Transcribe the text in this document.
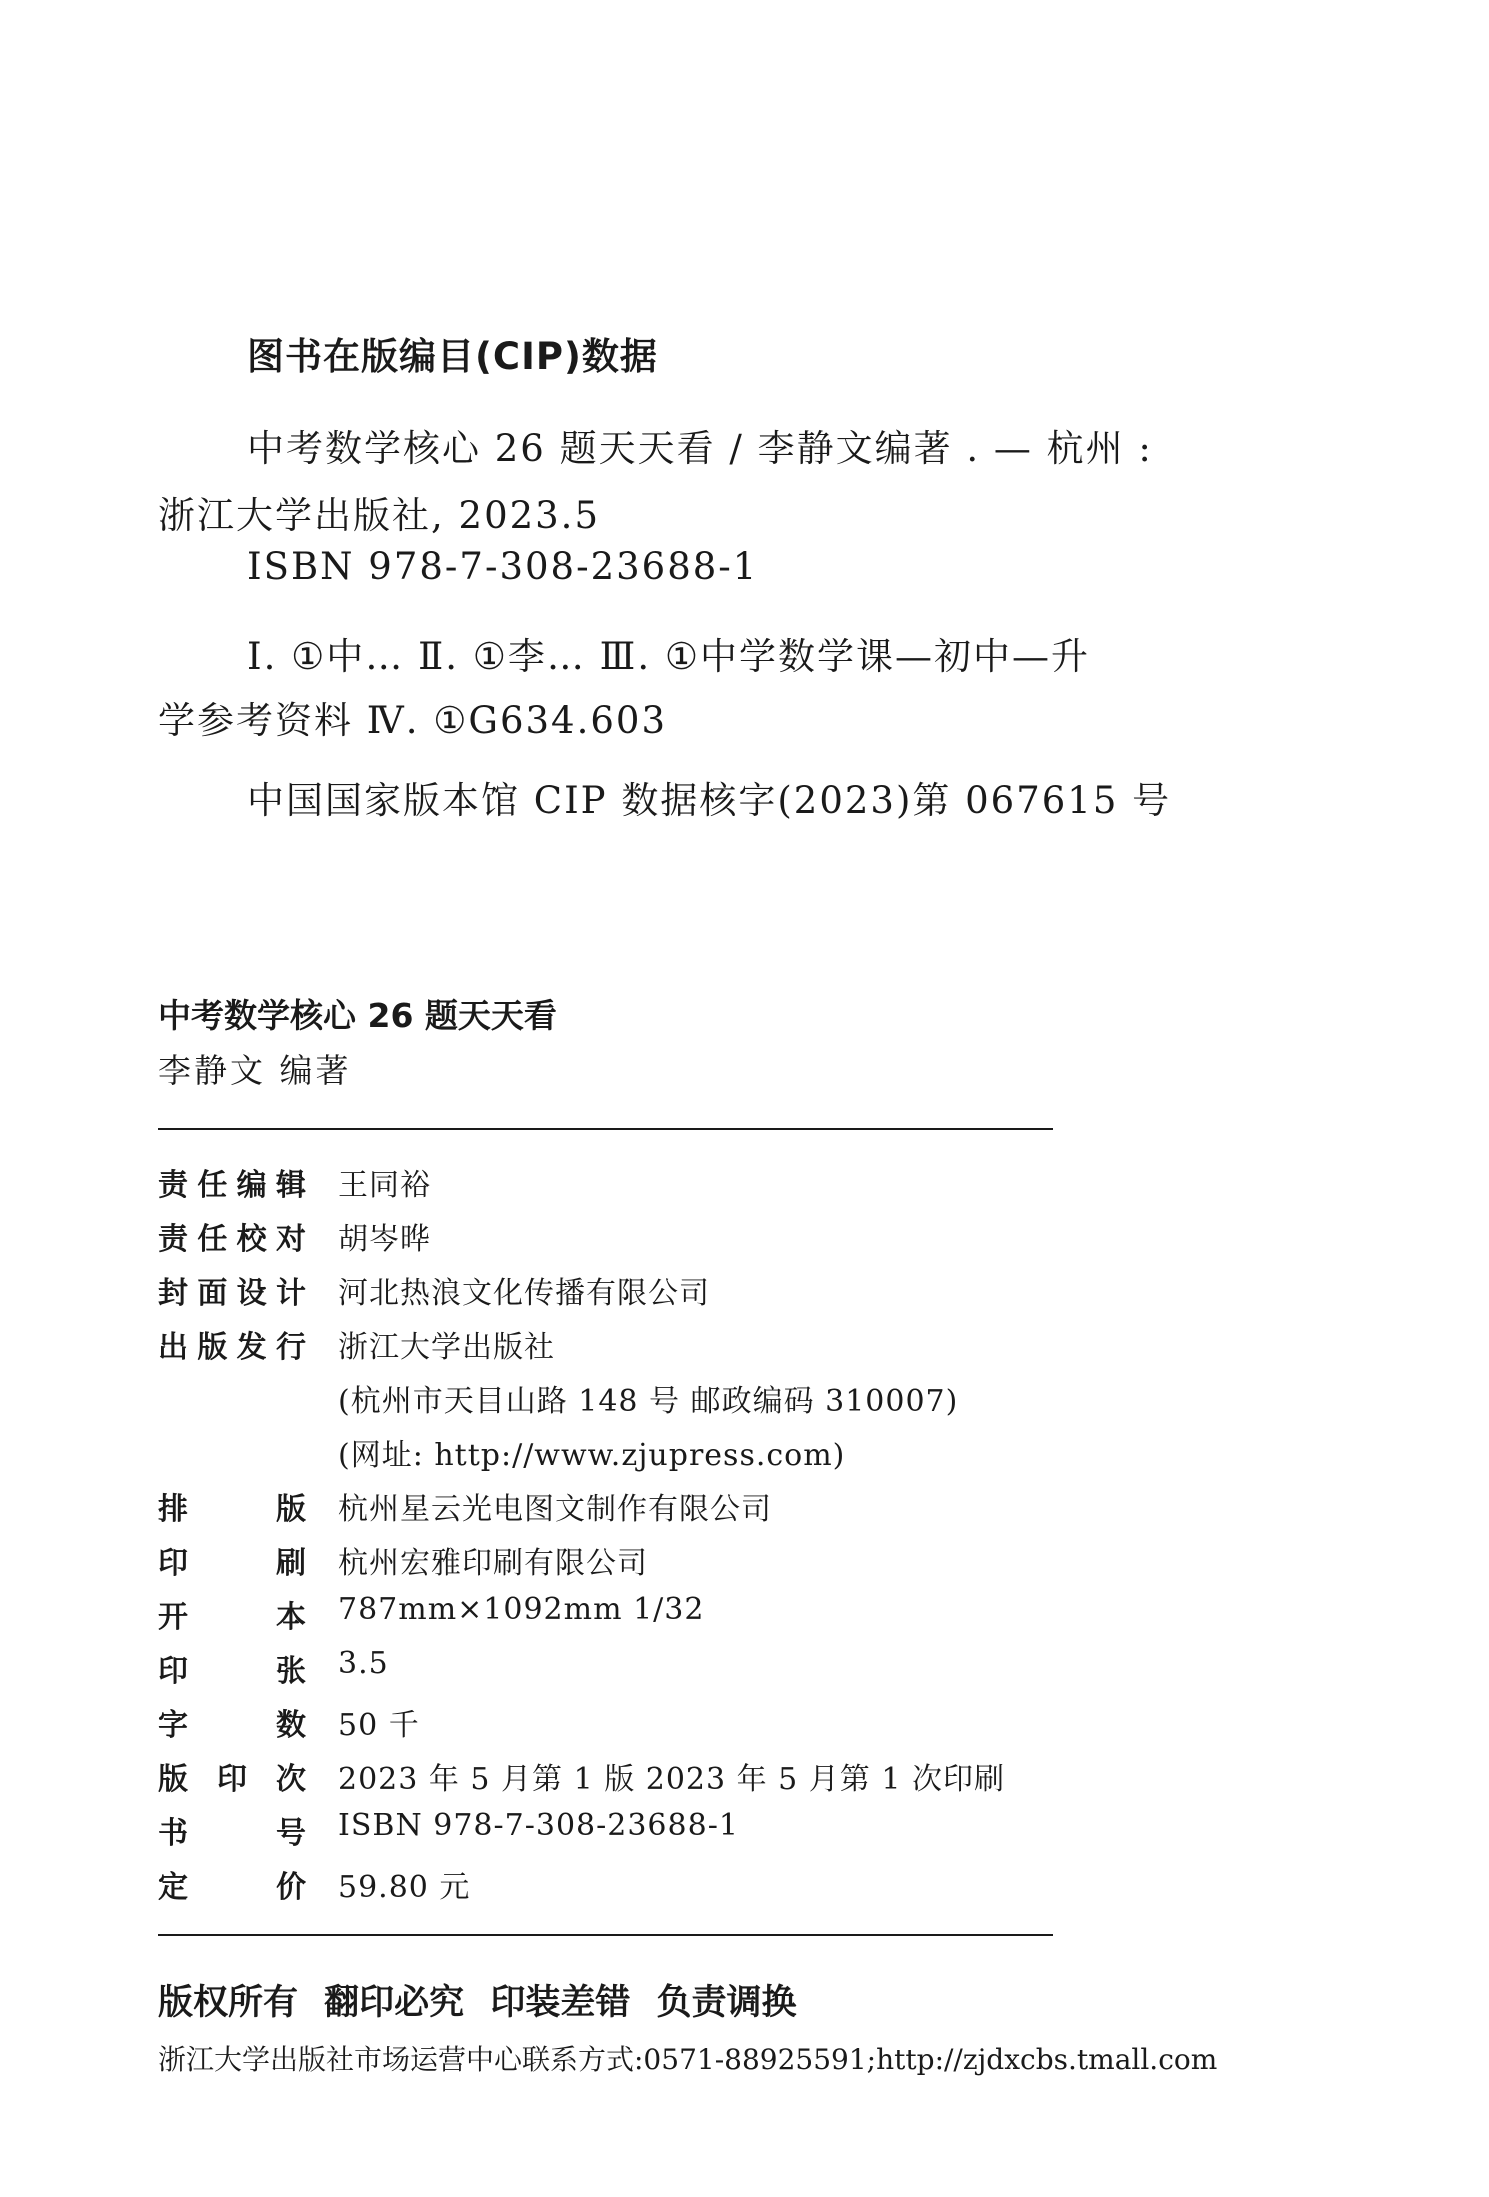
图书在版编目(CIP)数据
中考数学核心 26 题天天看 / 李静文编著 . — 杭州 :
浙江大学出版社, 2023.5
ISBN 978-7-308-23688-1
Ⅰ. ①中… Ⅱ. ①李… Ⅲ. ①中学数学课—初中—升
学参考资料 Ⅳ. ①G634.603
中国国家版本馆 CIP 数据核字(2023)第 067615 号
中考数学核心 26 题天天看
李静文 编著
责 任 编 辑 王同裕
责 任 校 对 胡岑晔
封 面 设 计 河北热浪文化传播有限公司
出 版 发 行 浙江大学出版社
(杭州市天目山路 148 号 邮政编码 310007)
(网址: http://www.zjupress.com)
排	版 杭州星云光电图文制作有限公司
印	刷 杭州宏雅印刷有限公司
开	本 787mm×1092mm 1/32
印	张 3.5
字	数 50 千
版 印 次 2023 年 5 月第 1 版 2023 年 5 月第 1 次印刷
书	号 ISBN 978-7-308-23688-1
定	价 59.80 元
版权所有 翻印必究 印装差错 负责调换
浙江大学出版社市场运营中心联系方式:0571-88925591;http://zjdxcbs.tmall.com
